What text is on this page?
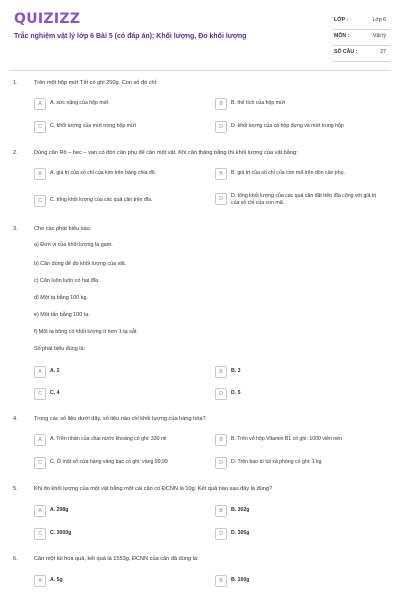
QUIZIZZ
Trắc nghiệm vật lý lớp 6 Bài 5 (có đáp án): Khối lượng, Đo khối lượng
LỚP :	Lớp 6
MÔN :	Vật lý
SỐ CÂU :	27
1.	Trên một hộp mứt Tết có ghi 250g. Con số đó chỉ:
A	A. sức nặng của hộp mứt	B	B. thể tích của hộp mứt
C	C. khối lượng của mứt trong hộp mứt	D	D. khối lượng của cả hộp đựng và mứt trong hộp
2.	Dùng cân Rô – bec – van có đòn cân phụ để cân một vật. Khi cân thăng bằng thì khối lượng của vật bằng:
A	A. giá trị của số chỉ của kim trên bảng chia độ.	B	B. giá trị của số chỉ của con mã trên đòn cân phụ.
C	C. tổng khối lượng của các quả cân trên đĩa.	D	D. tổng khối lượng của các quả cân đặt trên đĩa cộng với giá trị của số chỉ của con mã.
3.	Cho các phát biểu sau:
a) Đơn vị của khối lượng là gam.
b) Cân dùng để đo khối lượng của vật.
c) Cân luôn luôn có hai đĩa.
d) Một tạ bằng 100 kg.
e) Một tấn bằng 100 tạ.
f) Một tạ bông có khối lượng ít hơn 1 tạ sắt.
Số phát biểu đúng là:
A	A. 2	B	B. 3
C	C. 4	D	D. 5
4.	Trong các số liệu dưới đây, số liệu nào chỉ khối lượng của hàng hóa?
A	A. Trên nhãn của chai nước khoáng có ghi: 330 ml	B	B. Trên vỏ hộp Vitamin B1 có ghi: 1000 viên nén
C	C. Ở một số cửa hàng vàng bạc có ghi: vàng 99,99	D	D. Trên bao bì túi xà phòng có ghi: 1 kg
5.	Khi đo khối lượng của một vật bằng một cái cân có ĐCNN là 10g. Kết quả nào sau đây là đúng?
A	A. 298g	B	B. 302g
C	C. 3000g	D	D. 305g
6.	Cân một túi hoa quả, kết quả là 1553g. ĐCNN của cân đã dùng là:
A	A. 5g	B	B. 100g
